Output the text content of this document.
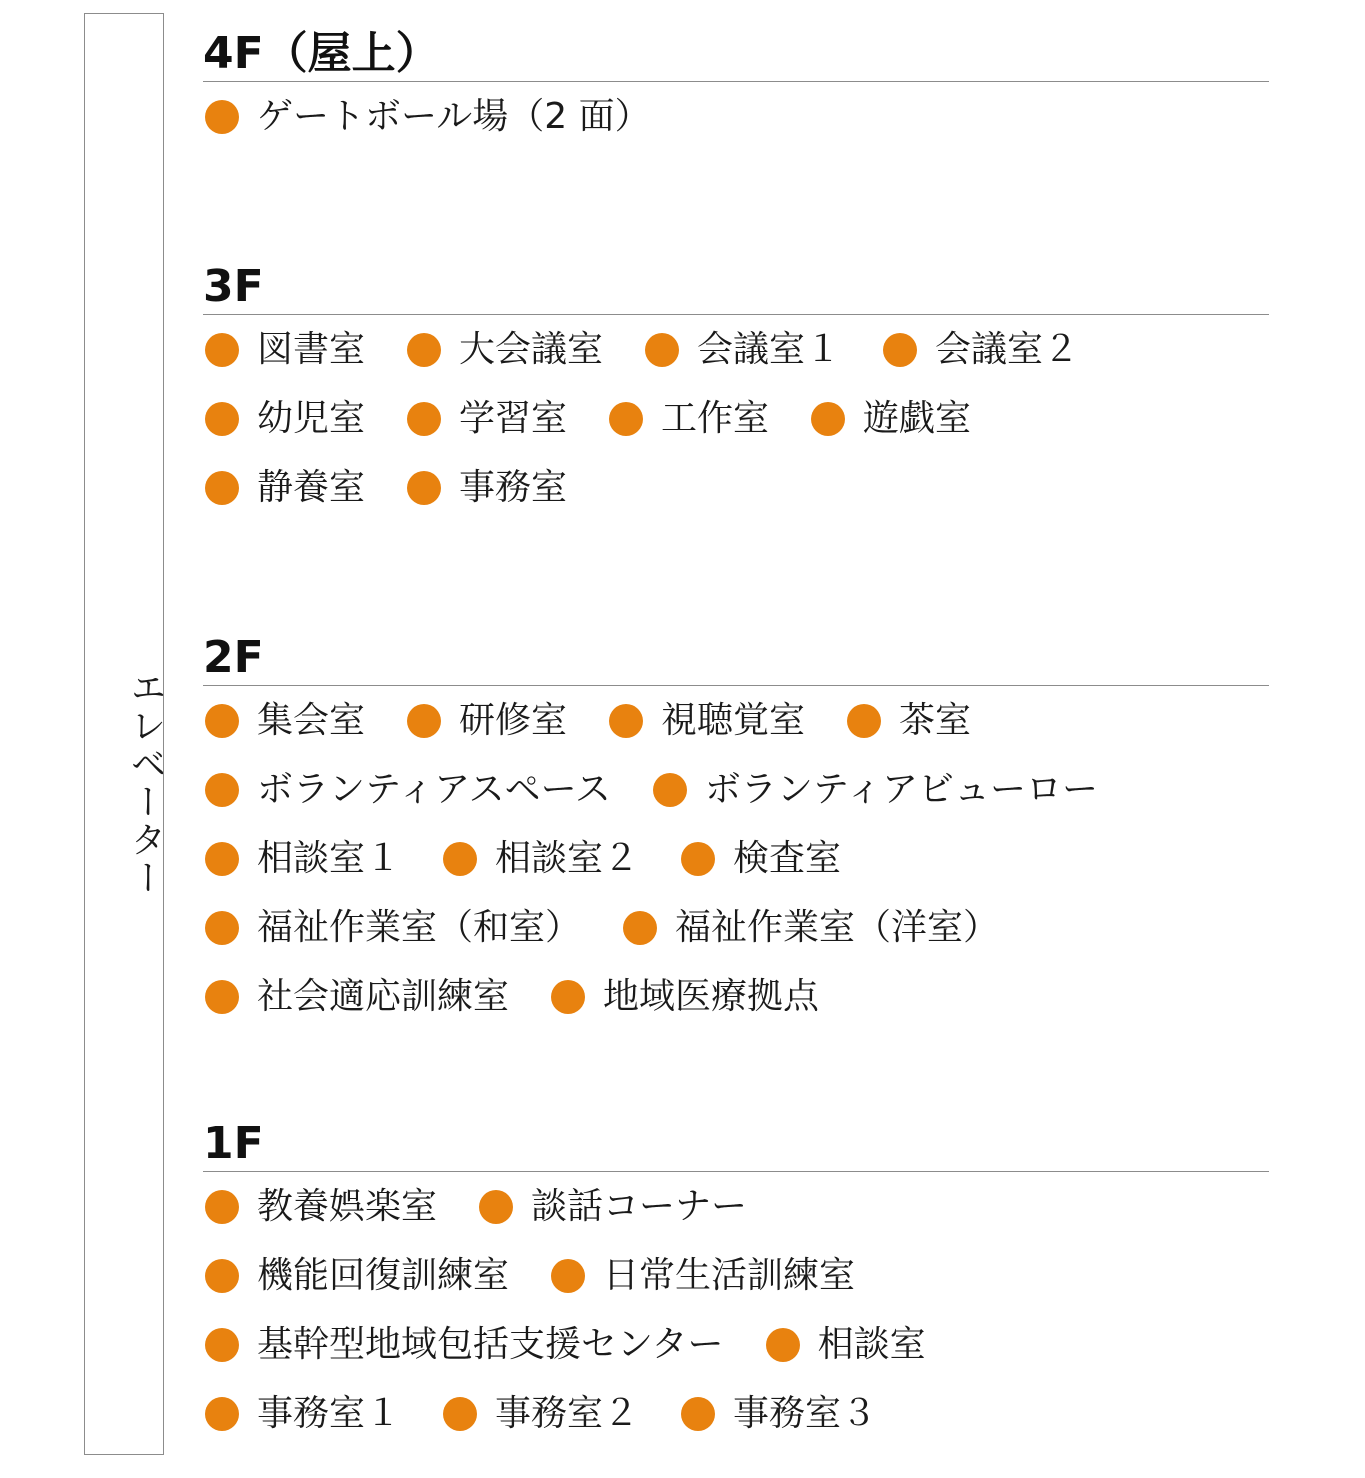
エレベーター
4F（屋上）
ゲートボール場（2 面）
3F
図書室	大会議室	会議室１	会議室２
幼児室	学習室	工作室	遊戯室
静養室	事務室
2F
集会室	研修室	視聴覚室	茶室
ボランティアスペース	ボランティアビューロー
相談室１	相談室２	検査室
福祉作業室（和室）	福祉作業室（洋室）
社会適応訓練室	地域医療拠点
1F
教養娯楽室	談話コーナー
機能回復訓練室	日常生活訓練室
基幹型地域包括支援センター	相談室
事務室１	事務室２	事務室３
